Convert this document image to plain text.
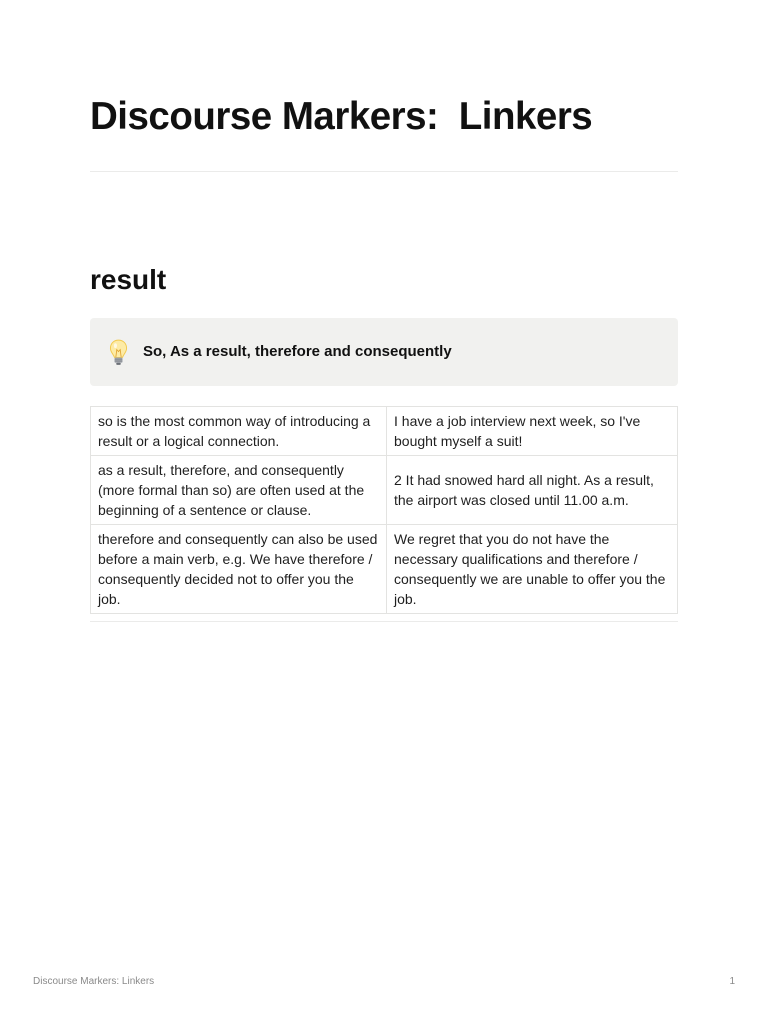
Discourse Markers:  Linkers
result
So, As a result, therefore and consequently
so is the most common way of introducing a result or a logical connection.
I have a job interview next week, so I've bought myself a suit!
as a result, therefore, and consequently (more formal than so) are often used at the beginning of a sentence or clause.
2 It had snowed hard all night. As a result, the airport was closed until 11.00 a.m.
therefore and consequently can also be used before a main verb, e.g. We have therefore / consequently decided not to offer you the job.
We regret that you do not have the necessary qualifications and therefore / consequently we are unable to offer you the job.
Discourse Markers: Linkers	1
